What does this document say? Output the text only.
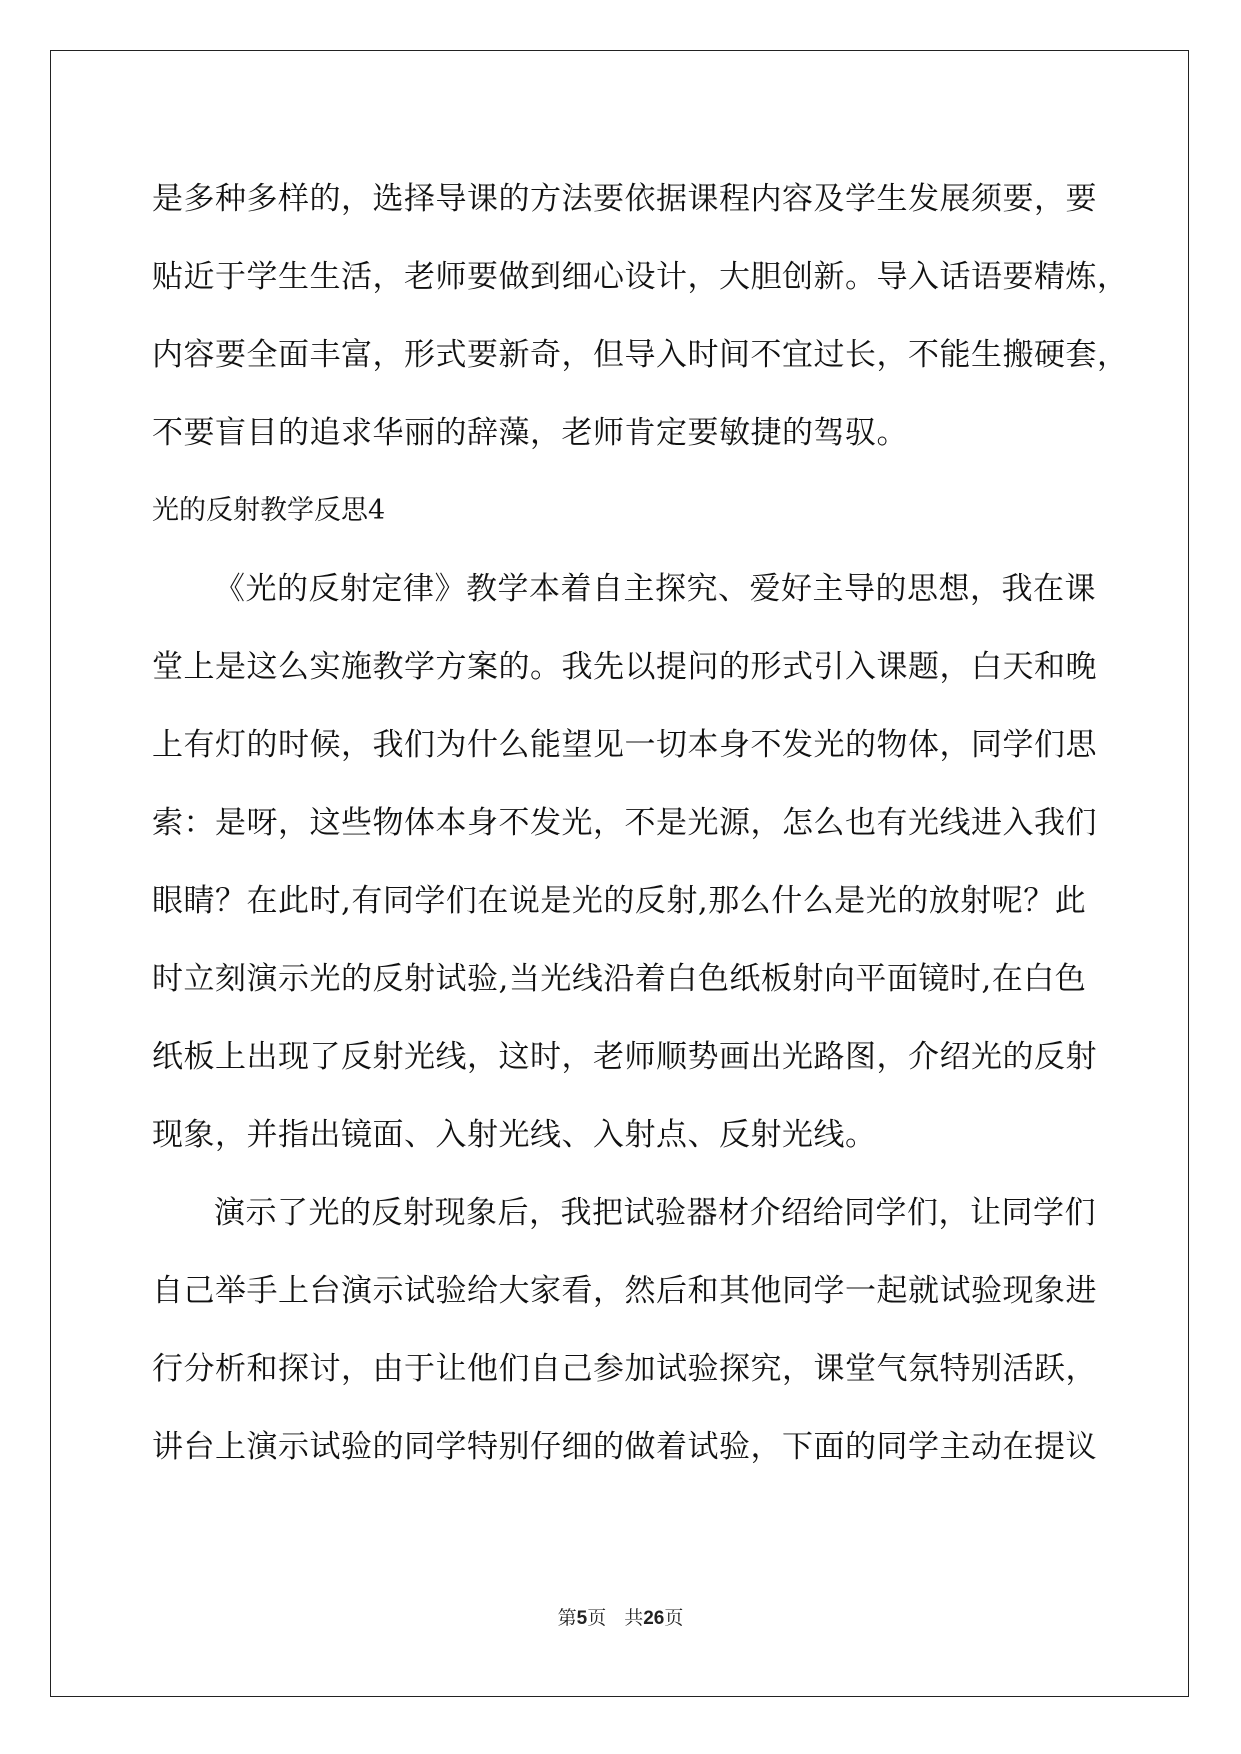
是多种多样的，选择导课的方法要依据课程内容及学生发展须要，要
贴近于学生生活，老师要做到细心设计，大胆创新。导入话语要精炼，
内容要全面丰富，形式要新奇，但导入时间不宜过长，不能生搬硬套，
不要盲目的追求华丽的辞藻，老师肯定要敏捷的驾驭。
光的反射教学反思4
《光的反射定律》教学本着自主探究、爱好主导的思想，我在课
堂上是这么实施教学方案的。我先以提问的形式引入课题，白天和晚
上有灯的时候，我们为什么能望见一切本身不发光的物体，同学们思
索：是呀，这些物体本身不发光，不是光源，怎么也有光线进入我们
眼睛？在此时,有同学们在说是光的反射,那么什么是光的放射呢？此
时立刻演示光的反射试验,当光线沿着白色纸板射向平面镜时,在白色
纸板上出现了反射光线，这时，老师顺势画出光路图，介绍光的反射
现象，并指出镜面、入射光线、入射点、反射光线。
演示了光的反射现象后，我把试验器材介绍给同学们，让同学们
自己举手上台演示试验给大家看，然后和其他同学一起就试验现象进
行分析和探讨，由于让他们自己参加试验探究，课堂气氛特别活跃，
讲台上演示试验的同学特别仔细的做着试验，下面的同学主动在提议
第5页 共26页
